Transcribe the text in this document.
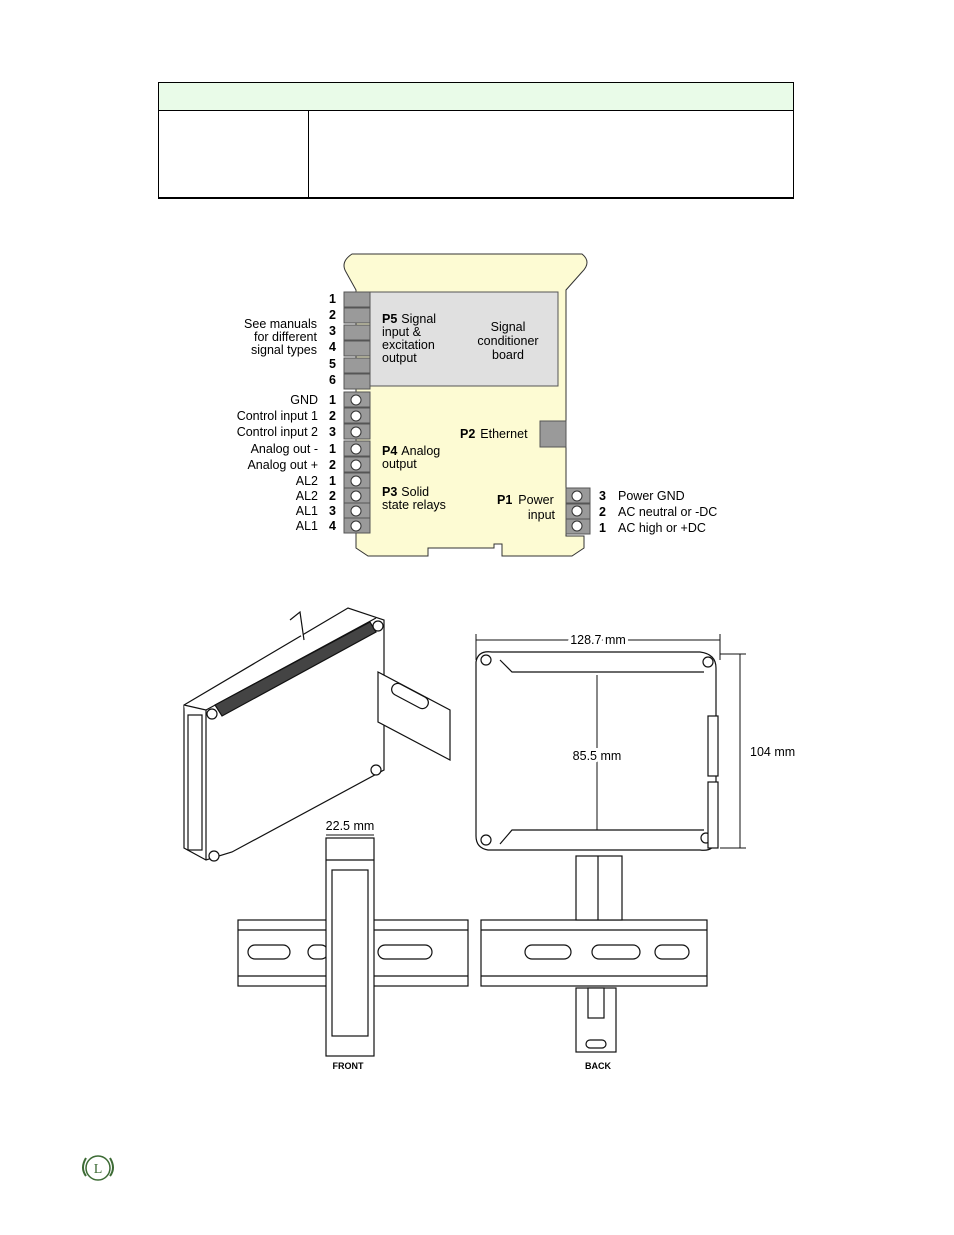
1
2
3
4
5
6
See manuals
for different
signal types
GND
Control input 1
Control input 2
Analog out -
Analog out +
AL2
AL2
AL1
AL1
1
2
3
1
2
1
2
3
4
P5 Signal
input &
excitation
output
Signal
conditioner
board
P4 Analog
output
P3 Solid
state relays
P2 Ethernet
P1 Power
input
3
2
1
Power GND
AC neutral or -DC
AC high or +DC
128.7 mm
85.5 mm	104 mm
22.5 mm
FRONT	BACK
L
